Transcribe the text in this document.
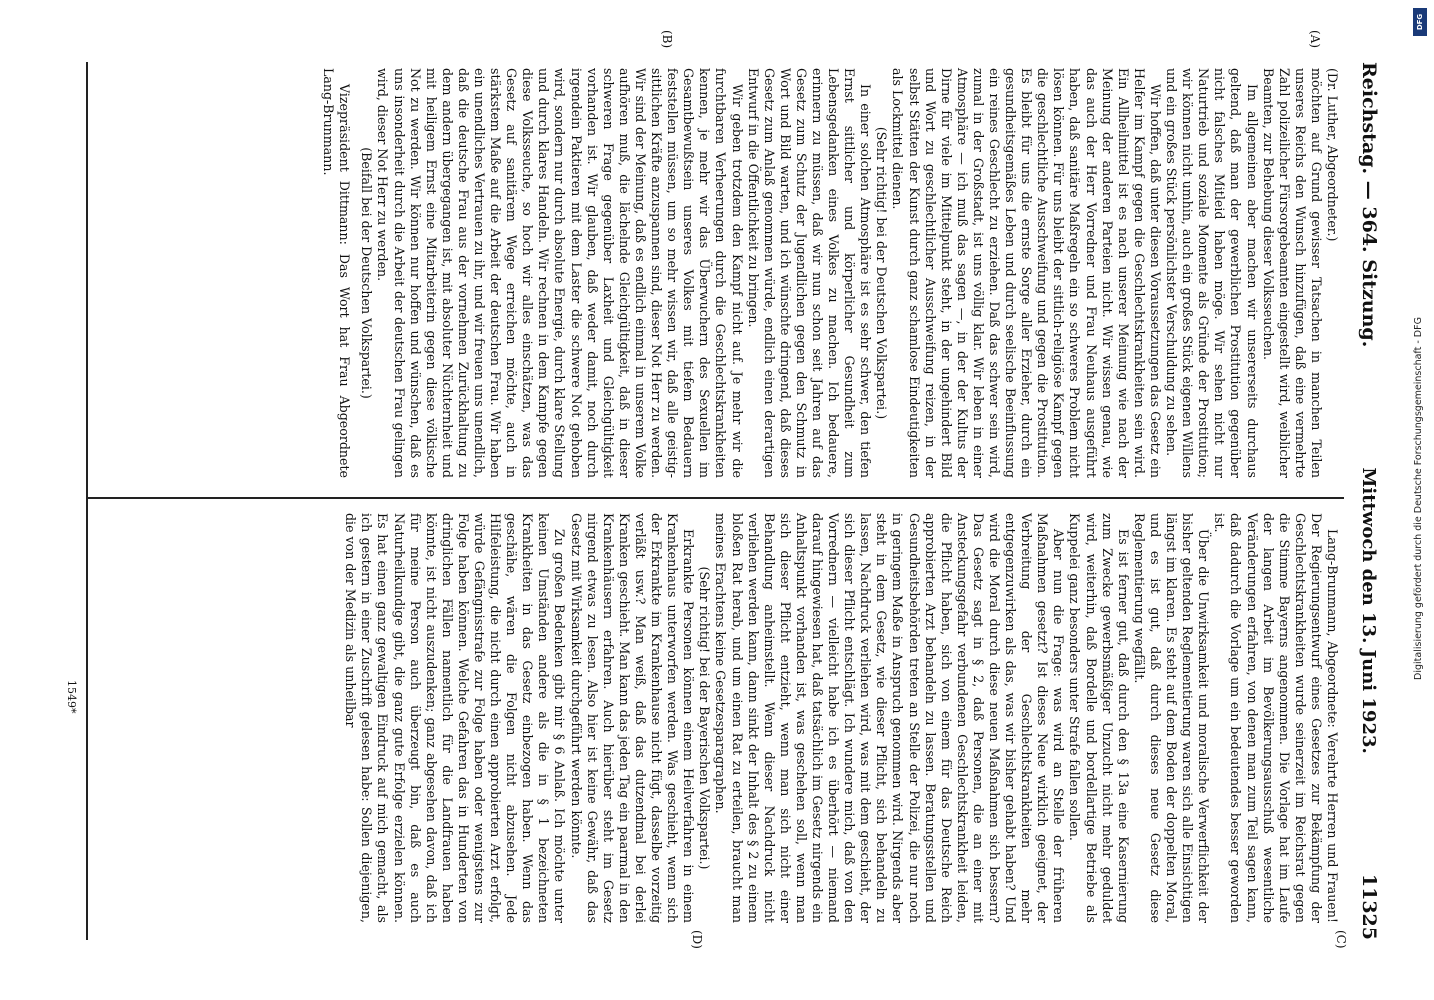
Reichstag. — 364. Sitzung.
Mittwoch den 13. Juni 1923.
11325
(A)
(B)
(C)
(D)

(Dr. Luther, Abgeordneter.)

möchten auf Grund gewisser Tatsachen in manchen Teilen unseres Reichs den Wunsch hinzufügen, daß eine vermehrte Zahl polizeilicher Fürsorgebeamten eingestellt wird, weiblicher Beamten, zur Behebung dieser Volksseuchen.

Im allgemeinen aber machen wir unsererseits durchaus geltend, daß man der gewerblichen Prostitution gegenüber nicht falsches Mitleid haben möge. Wir sehen nicht nur Naturtrieb und soziale Momente als Gründe der Prostitution; wir können nicht umhin, auch ein großes Stück eigenen Willens und ein großes Stück persönlichster Verschuldung zu sehen.

Wir hoffen, daß unter diesen Voraussetzungen das Gesetz ein Helfer im Kampf gegen die Geschlechtskrankheiten sein wird. Ein Allheilmittel ist es nach unserer Meinung wie nach der Meinung der anderen Parteien nicht. Wir wissen genau, wie das auch der Herr Vorredner und Frau Neuhaus ausgeführt haben, daß sanitäre Maßregeln ein so schweres Problem nicht lösen können. Für uns bleibt der sittlich-religiöse Kampf gegen die geschlechtliche Ausschweifung und gegen die Prostitution. Es bleibt für uns die ernste Sorge aller Erzieher, durch ein gesundheitsgemäßes Leben und durch seelische Beeinflussung ein reines Geschlecht zu erziehen. Daß das schwer sein wird, zumal in der Großstadt, ist uns völlig klar. Wir leben in einer Atmosphäre — ich muß das sagen —, in der der Kultus der Dirne für viele im Mittelpunkt steht, in der ungehindert Bild und Wort zu geschlechtlicher Ausschweifung reizen, in der selbst Stätten der Kunst durch ganz schamlose Eindeutigkeiten als Lockmittel dienen.

(Sehr richtig! bei der Deutschen Volkspartei.)

In einer solchen Atmosphäre ist es sehr schwer, den tiefen Ernst sittlicher und körperlicher Gesundheit zum Lebensgedanken eines Volkes zu machen. Ich bedauere, erinnern zu müssen, daß wir nun schon seit Jahren auf das Gesetz zum Schutz der Jugendlichen gegen den Schmutz in Wort und Bild warten, und ich wünschte dringend, daß dieses Gesetz zum Anlaß genommen würde, endlich einen derartigen Entwurf in die Öffentlichkeit zu bringen.

Wir geben trotzdem den Kampf nicht auf. Je mehr wir die furchtbaren Verheerungen durch die Geschlechtskrankheiten kennen, je mehr wir das Überwuchern des Sexuellen im Gesamtbewußtsein unseres Volkes mit tiefem Bedauern feststellen müssen, um so mehr wissen wir, daß alle geistig-sittlichen Kräfte anzuspannen sind, dieser Not Herr zu werden. Wir sind der Meinung, daß es endlich einmal in unserem Volke aufhören muß, die lächelnde Gleichgültigkeit, daß in dieser schweren Frage gegenüber Laxheit und Gleichgültigkeit vorhanden ist. Wir glauben, daß weder damit, noch durch irgendein Paktieren mit dem Laster die schwere Not gehoben wird, sondern nur durch absolute Energie, durch klare Stellung und durch klares Handeln. Wir rechnen in dem Kampfe gegen diese Volksseuche, so hoch wir alles einschätzen, was das Gesetz auf sanitärem Wege erreichen möchte, auch in stärkstem Maße auf die Arbeit der deutschen Frau. Wir haben ein unendliches Vertrauen zu ihr, und wir freuen uns unendlich, daß die deutsche Frau aus der vornehmen Zurückhaltung zu dem andern übergegangen ist, mit absoluter Nüchternheit und mit heiligem Ernst eine Mitarbeiterin gegen diese völkische Not zu werden. Wir können nur hoffen und wünschen, daß es uns insonderheit durch die Arbeit der deutschen Frau gelingen wird, dieser Not Herr zu werden.

(Beifall bei der Deutschen Volkspartei.)

Vizepräsident Dittmann: Das Wort hat Frau Abgeordnete Lang-Brunmann.

Lang-Brunmann, Abgeordnete: Verehrte Herren und Frauen! Der Regierungsentwurf eines Gesetzes zur Bekämpfung der Geschlechtskrankheiten wurde seinerzeit im Reichsrat gegen die Stimme Bayerns angenommen. Die Vorlage hat im Laufe der langen Arbeit im Bevölkerungsausschuß wesentliche Veränderungen erfahren, von denen man zum Teil sagen kann, daß dadurch die Vorlage um ein bedeutendes besser geworden ist.

Über die Unwirksamkeit und moralische Verwerflichkeit der bisher geltenden Reglementierung waren sich alle Einsichtigen längst im klaren. Es steht auf dem Boden der doppelten Moral, und es ist gut, daß durch dieses neue Gesetz diese Reglementierung wegfällt.

Es ist ferner gut, daß durch den § 13a eine Kasernierung zum Zwecke gewerbsmäßiger Unzucht nicht mehr geduldet wird, weiterhin, daß Bordelle und bordellartige Betriebe als Kuppelei ganz besonders unter Strafe fallen sollen.

Aber nun die Frage: was wird an Stelle der früheren Maßnahmen gesetzt? Ist dieses Neue wirklich geeignet, der Verbreitung der Geschlechtskrankheiten mehr entgegenzuwirken als das, was wir bisher gehabt haben? Und wird die Moral durch diese neuen Maßnahmen sich bessern? Das Gesetz sagt in § 2, daß Personen, die an einer mit Ansteckungsgefahr verbundenen Geschlechtskrankheit leiden, die Pflicht haben, sich von einem für das Deutsche Reich approbierten Arzt behandeln zu lassen. Beratungsstellen und Gesundheitsbehörden treten an Stelle der Polizei, die nur noch in geringem Maße in Anspruch genommen wird. Nirgends aber steht in dem Gesetz, wie dieser Pflicht, sich behandeln zu lassen, Nachdruck verliehen wird, was mit dem geschieht, der sich dieser Pflicht entschlägt. Ich wundere mich, daß von den Vorrednern — vielleicht habe ich es überhört — niemand darauf hingewiesen hat, daß tatsächlich im Gesetz nirgends ein Anhaltspunkt vorhanden ist, was geschehen soll, wenn man sich dieser Pflicht entzieht, wenn man sich nicht einer Behandlung anheimstellt. Wenn dieser Nachdruck nicht verliehen werden kann, dann sinkt der Inhalt des § 2 zu einem bloßen Rat herab, und um einen Rat zu erteilen, braucht man meines Erachtens keine Gesetzesparagraphen.

(Sehr richtig! bei der Bayerischen Volkspartei.)

Erkrankte Personen können einem Heilverfahren in einem Krankenhaus unterworfen werden. Was geschieht, wenn sich der Erkrankte im Krankenhause nicht fügt, dasselbe vorzeitig verläßt usw.? Man weiß, daß das dutzendmal bei derlei Kranken geschieht. Man kann das jeden Tag ein paarmal in den Krankenhäusern erfahren. Auch hierüber steht im Gesetz nirgend etwas zu lesen. Also hier ist keine Gewähr, daß das Gesetz mit Wirksamkeit durchgeführt werden könnte.

Zu großen Bedenken gibt mir § 6 Anlaß. Ich möchte unter keinen Umständen andere als die in § 1 bezeichneten Krankheiten in das Gesetz einbezogen haben. Wenn das geschähe, wären die Folgen nicht abzusehen. Jede Hilfeleistung, die nicht durch einen approbierten Arzt erfolgt, würde Gefängnisstrafe zur Folge haben oder wenigstens zur Folge haben können. Welche Gefahren das in Hunderten von dringlichen Fällen namentlich für die Landfrauen haben könnte, ist nicht auszudenken; ganz abgesehen davon, daß ich für meine Person auch überzeugt bin, daß es auch Naturheilkundige gibt, die ganz gute Erfolge erzielen können. Es hat einen ganz gewaltigen Eindruck auf mich gemacht, als ich gestern in einer Zuschrift gelesen habe: Sollen diejenigen, die von der Medizin als unheilbar

1549*
Digitalisierung gefördert durch die Deutsche Forschungsgemeinschaft - DFG
DFG
